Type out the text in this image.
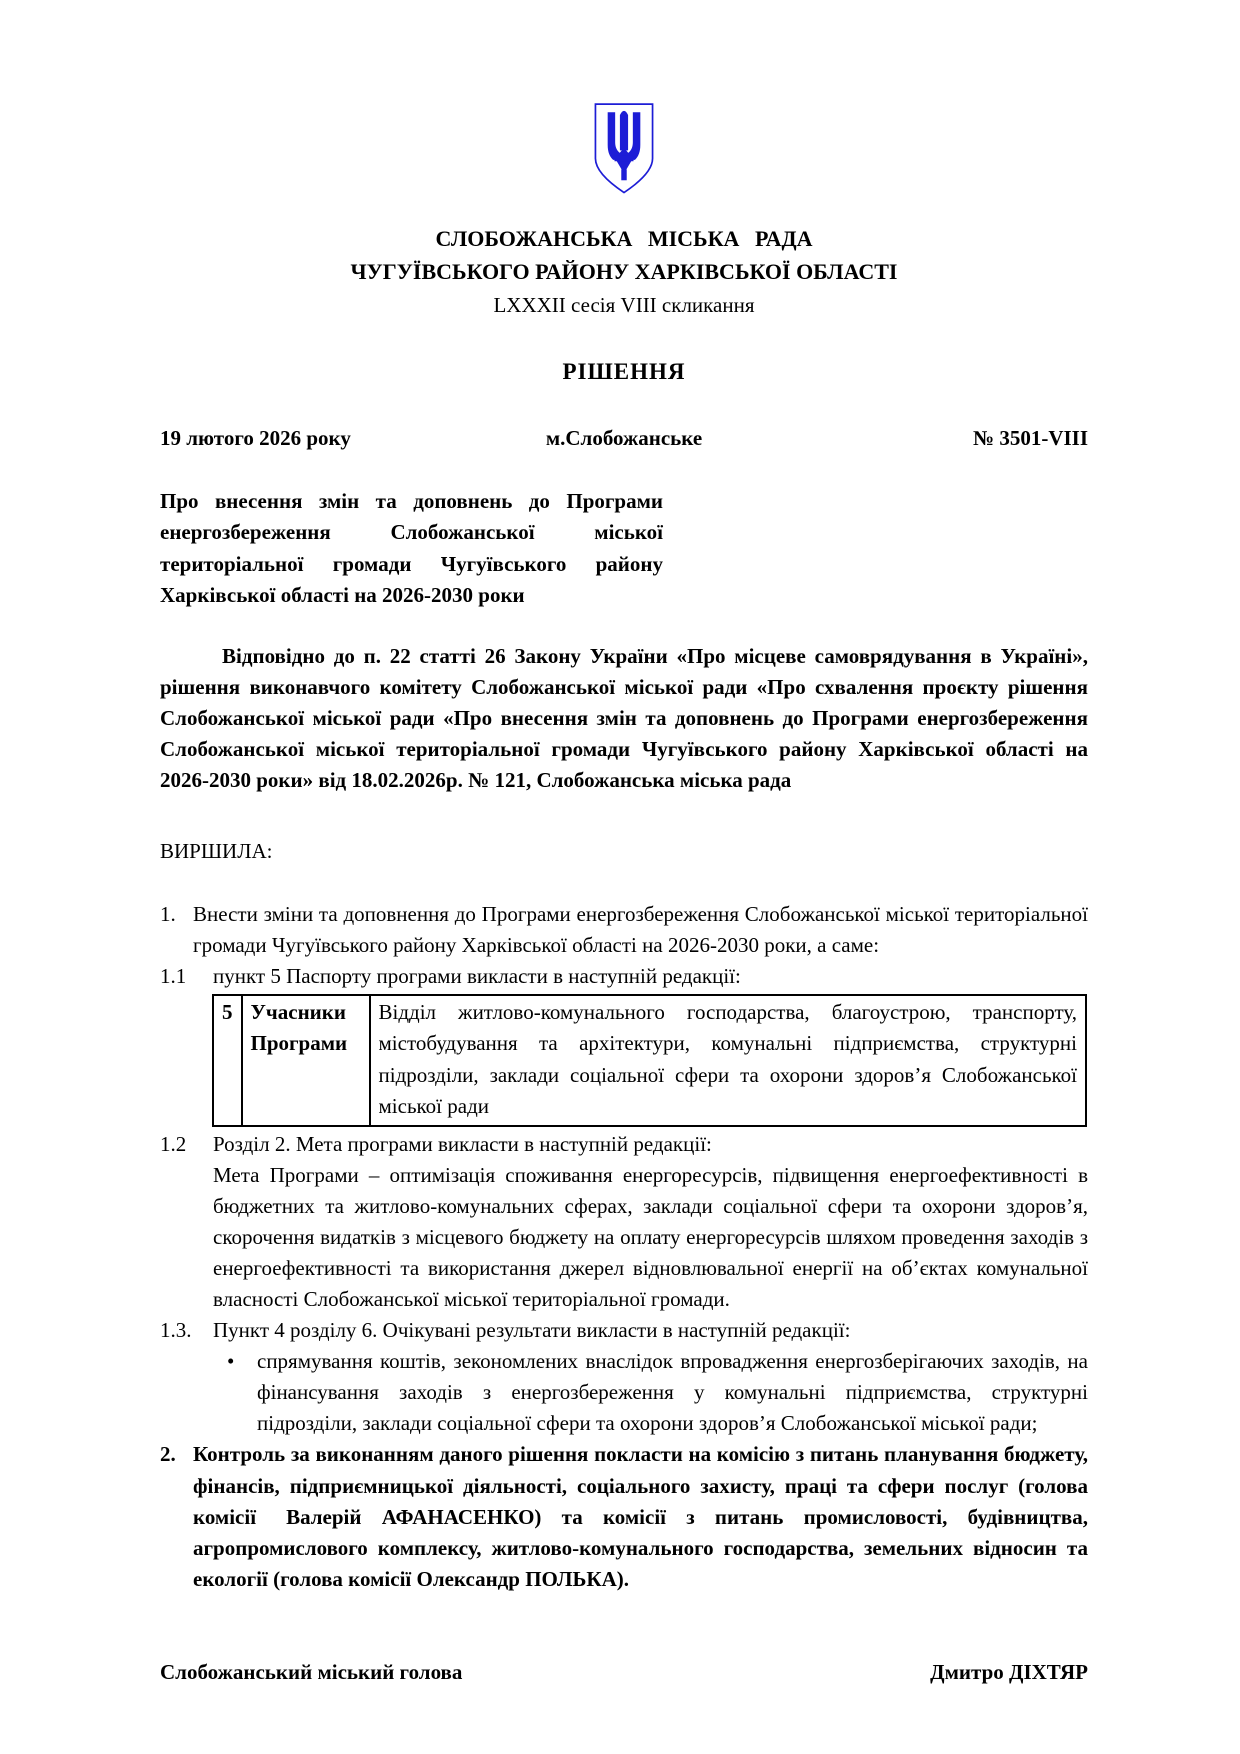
СЛОБОЖАНСЬКА МІСЬКА РАДА
ЧУГУЇВСЬКОГО РАЙОНУ ХАРКІВСЬКОЇ ОБЛАСТІ
LXXXII сесія VIII скликання
РІШЕННЯ
19 лютого 2026 року	м.Слобожанське	№ 3501-VIII
Про внесення змін та доповнень до Програми енергозбереження Слобожанської міської територіальної громади Чугуївського району Харківської області на 2026-2030 роки
Відповідно до п. 22 статті 26 Закону України «Про місцеве самоврядування в Україні», рішення виконавчого комітету Слобожанської міської ради «Про схвалення проєкту рішення Слобожанської міської ради «Про внесення змін та доповнень до Програми енергозбереження Слобожанської міської територіальної громади Чугуївського району Харківської області на 2026-2030 роки» від 18.02.2026р. № 121, Слобожанська міська рада
ВИРШИЛА:
1. Внести зміни та доповнення до Програми енергозбереження Слобожанської міської територіальної громади Чугуївського району Харківської області на 2026-2030 роки, а саме:
1.1	пункт 5 Паспорту програми викласти в наступній редакції:
5	Учасники Програми	Відділ житлово-комунального господарства, благоустрою, транспорту, містобудування та архітектури, комунальні підприємства, структурні підрозділи, заклади соціальної сфери та охорони здоров’я Слобожанської міської ради
1.2	Розділ 2. Мета програми викласти в наступній редакції:
Мета Програми – оптимізація споживання енергоресурсів, підвищення енергоефективності в бюджетних та житлово-комунальних сферах, заклади соціальної сфери та охорони здоров’я, скорочення видатків з місцевого бюджету на оплату енергоресурсів шляхом проведення заходів з енергоефективності та використання джерел відновлювальної енергії на об’єктах комунальної власності Слобожанської міської територіальної громади.
1.3.	Пункт 4 розділу 6. Очікувані результати викласти в наступній редакції:
•
спрямування коштів, зекономлених внаслідок впровадження енергозберігаючих заходів, на фінансування заходів з енергозбереження у комунальні підприємства, структурні підрозділи, заклади соціальної сфери та охорони здоров’я Слобожанської міської ради;
2. Контроль за виконанням даного рішення покласти на комісію з питань планування бюджету, фінансів, підприємницької діяльності, соціального захисту, праці та сфери послуг (голова комісії Валерій АФАНАСЕНКО) та комісії з питань промисловості, будівництва, агропромислового комплексу, житлово-комунального господарства, земельних відносин та екології (голова комісії Олександр ПОЛЬКА).
Слобожанський міський голова	Дмитро ДІХТЯР
